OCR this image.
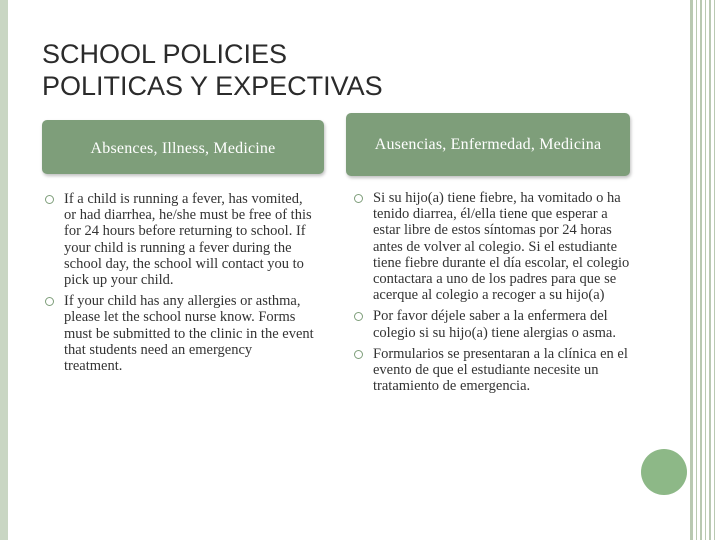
SCHOOL POLICIES
POLITICAS Y EXPECTIVAS
Absences, Illness, Medicine	Ausencias, Enfermedad, Medicina
If a child is running a fever, has vomited, or had diarrhea, he/she must be free of this for 24 hours before returning to school. If your child is running a fever during the school day, the school will contact you to pick up your child.
If your child has any allergies or asthma, please let the school nurse know. Forms must be submitted to the clinic in the event that students need an emergency treatment.
Si su hijo(a) tiene fiebre, ha vomitado o ha tenido diarrea, él/ella tiene que esperar a estar libre de estos síntomas por 24 horas antes de volver al colegio. Si el estudiante tiene fiebre durante el día escolar, el colegio contactara a uno de los padres para que se acerque al colegio a recoger a su hijo(a)
Por favor déjele saber a la enfermera del colegio si su hijo(a) tiene alergias o asma.
Formularios se presentaran a la clínica en el evento de que el estudiante necesite un tratamiento de emergencia.
